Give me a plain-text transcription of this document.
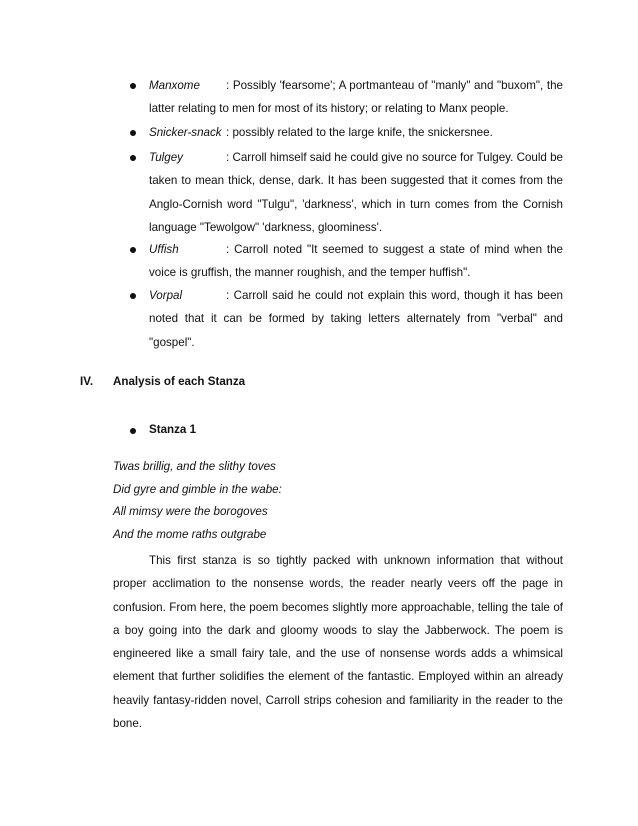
Manxome	: Possibly 'fearsome'; A portmanteau of "manly" and "buxom", the latter relating to men for most of its history; or relating to Manx people.
Snicker-snack : possibly related to the large knife, the snickersnee.
Tulgey	: Carroll himself said he could give no source for Tulgey. Could be taken to mean thick, dense, dark. It has been suggested that it comes from the Anglo-Cornish word "Tulgu", 'darkness', which in turn comes from the Cornish language "Tewolgow" 'darkness, gloominess'.
Uffish	: Carroll noted "It seemed to suggest a state of mind when the voice is gruffish, the manner roughish, and the temper huffish".
Vorpal	: Carroll said he could not explain this word, though it has been noted that it can be formed by taking letters alternately from "verbal" and "gospel".
IV. Analysis of each Stanza
Stanza 1
Twas brillig, and the slithy toves
Did gyre and gimble in the wabe:
All mimsy were the borogoves
And the mome raths outgrabe
This first stanza is so tightly packed with unknown information that without proper acclimation to the nonsense words, the reader nearly veers off the page in confusion. From here, the poem becomes slightly more approachable, telling the tale of a boy going into the dark and gloomy woods to slay the Jabberwock. The poem is engineered like a small fairy tale, and the use of nonsense words adds a whimsical element that further solidifies the element of the fantastic. Employed within an already heavily fantasy-ridden novel, Carroll strips cohesion and familiarity in the reader to the bone.
